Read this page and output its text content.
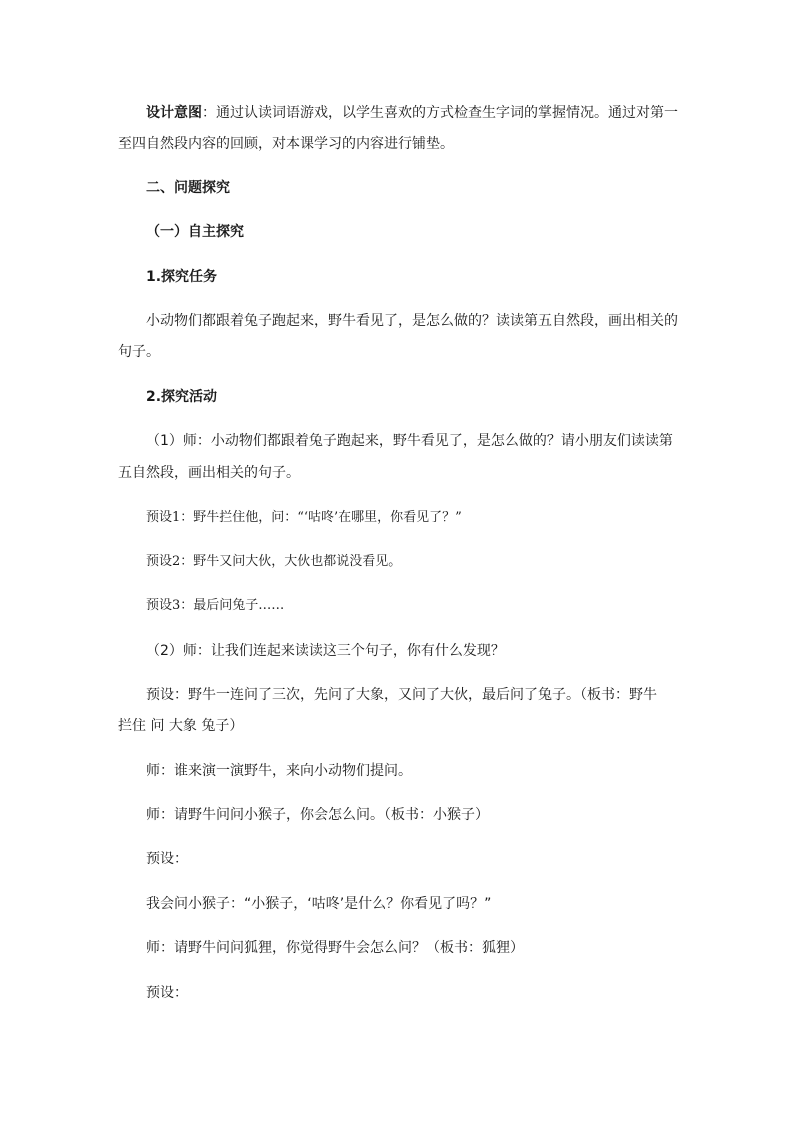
设计意图：通过认读词语游戏，以学生喜欢的方式检查生字词的掌握情况。通过对第一
至四自然段内容的回顾，对本课学习的内容进行铺垫。
二、问题探究
（一）自主探究
1.探究任务
小动物们都跟着兔子跑起来，野牛看见了，是怎么做的？读读第五自然段，画出相关的
句子。
2.探究活动
（1）师：小动物们都跟着兔子跑起来，野牛看见了，是怎么做的？请小朋友们读读第
五自然段，画出相关的句子。
预设1：野牛拦住他，问：“‘咕咚’在哪里，你看见了？”
预设2：野牛又问大伙，大伙也都说没看见。
预设3：最后问兔子……
（2）师：让我们连起来读读这三个句子，你有什么发现？
预设：野牛一连问了三次，先问了大象，又问了大伙，最后问了兔子。（板书：野牛
拦住 问 大象 兔子）
师：谁来演一演野牛，来向小动物们提问。
师：请野牛问问小猴子，你会怎么问。（板书：小猴子）
预设：
我会问小猴子：“小猴子，‘咕咚’是什么？你看见了吗？”
师：请野牛问问狐狸，你觉得野牛会怎么问？（板书：狐狸）
预设：
